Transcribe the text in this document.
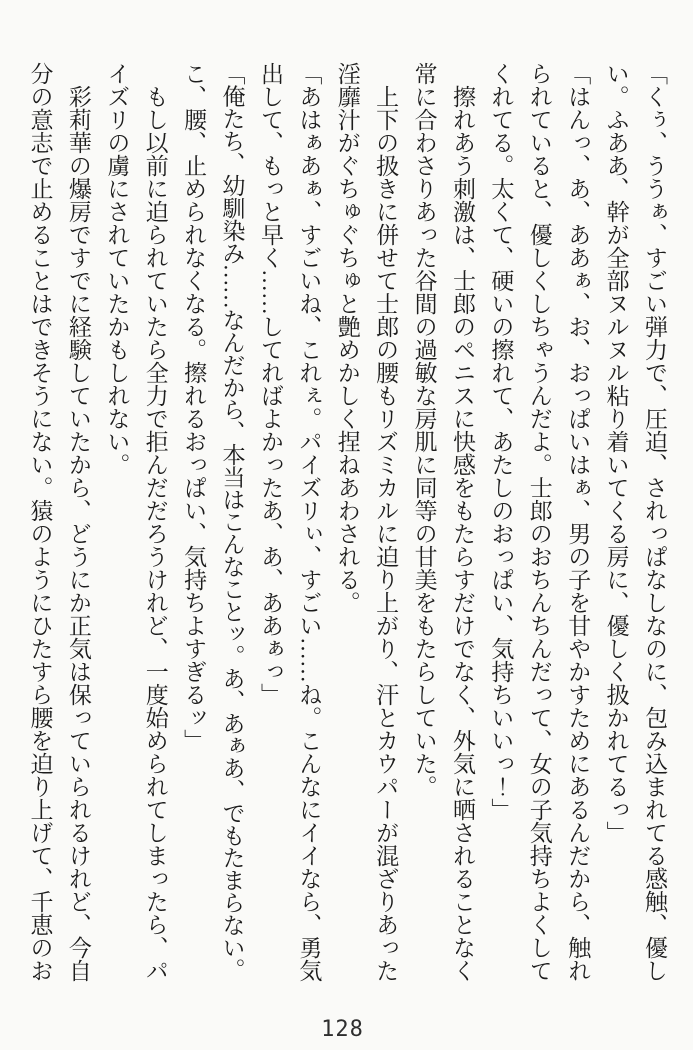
「くぅ、ううぁ、すごい弾力で、圧迫、されっぱなしなのに、包み込まれてる感触、優し

い。ふああ、幹が全部ヌルヌル粘り着いてくる房に、優しく扱かれてるっ」

「はんっ、あ、ああぁ、お、おっぱいはぁ、男の子を甘やかすためにあるんだから、触れ

られていると、優しくしちゃうんだよ。士郎のおちんちんだって、女の子気持ちよくして

くれてる。太くて、硬いの擦れて、あたしのおっぱい、気持ちいいっ！」

擦れあう刺激は、士郎のペニスに快感をもたらすだけでなく、外気に晒されることなく

常に合わさりあった谷間の過敏な房肌に同等の甘美をもたらしていた。

上下の扱きに併せて士郎の腰もリズミカルに迫り上がり、汗とカウパーが混ざりあった

淫靡汁がぐちゅぐちゅと艶めかしく捏ねあわされる。

「あはぁあぁ、すごいね、これぇ。パイズリぃ、すごい……ね。こんなにイイなら、勇気

出して、もっと早く……してればよかったあ、あ、ああぁっ」

「俺たち、幼馴染み……なんだから、本当はこんなことッ。あ、あぁあ、でもたまらない。

こ、腰、止められなくなる。擦れるおっぱい、気持ちよすぎるッ」

もし以前に迫られていたら全力で拒んだだろうけれど、一度始められてしまったら、パ

イズリの虜にされていたかもしれない。

彩莉華の爆房ですでに経験していたから、どうにか正気は保っていられるけれど、今自

分の意志で止めることはできそうにない。猿のようにひたすら腰を迫り上げて、千恵のお

128
